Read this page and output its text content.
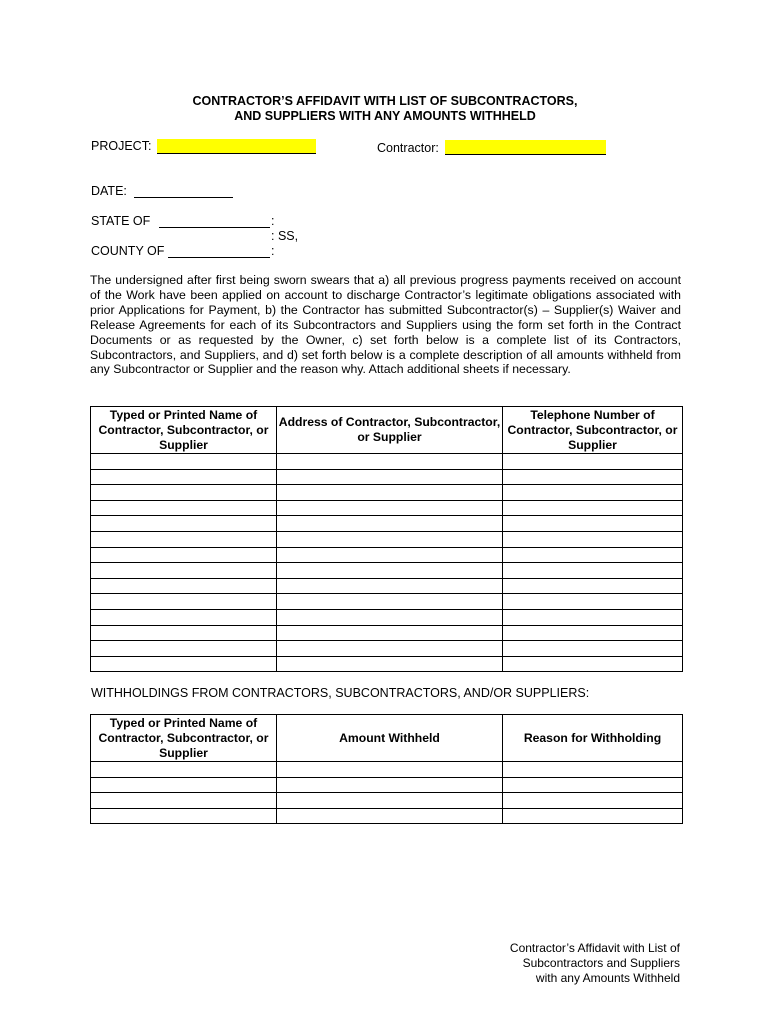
CONTRACTOR’S AFFIDAVIT WITH LIST OF SUBCONTRACTORS,
AND SUPPLIERS WITH ANY AMOUNTS WITHHELD
PROJECT:	Contractor:
DATE:
STATE OF	:
: SS,
COUNTY OF	:
The undersigned after first being sworn swears that a) all previous progress payments received on account of the Work have been applied on account to discharge Contractor’s legitimate obligations associated with prior Applications for Payment, b) the Contractor has submitted Subcontractor(s) – Supplier(s) Waiver and Release Agreements for each of its Subcontractors and Suppliers using the form set forth in the Contract Documents or as requested by the Owner, c) set forth below is a complete list of its Contractors, Subcontractors, and Suppliers, and d) set forth below is a complete description of all amounts withheld from any Subcontractor or Supplier and the reason why. Attach additional sheets if necessary.
Typed or Printed Name of Contractor, Subcontractor, or Supplier	Address of Contractor, Subcontractor, or Supplier	Telephone Number of Contractor, Subcontractor, or Supplier

WITHHOLDINGS FROM CONTRACTORS, SUBCONTRACTORS, AND/OR SUPPLIERS:
Typed or Printed Name of Contractor, Subcontractor, or Supplier	Amount Withheld	Reason for Withholding

Contractor’s Affidavit with List of
Subcontractors and Suppliers
with any Amounts Withheld
